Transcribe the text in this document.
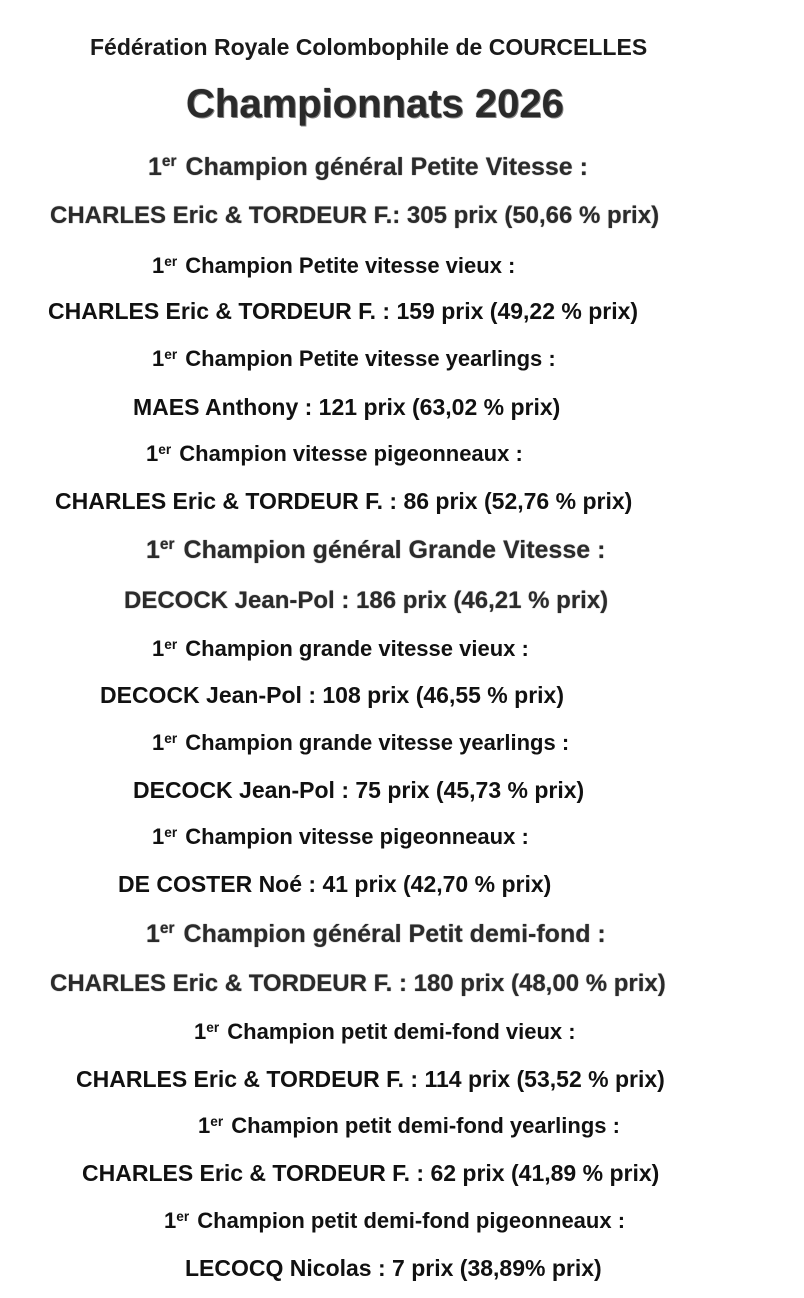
Fédération Royale Colombophile de COURCELLES
Championnats 2026
1er Champion général Petite Vitesse :
CHARLES Eric & TORDEUR F.: 305 prix (50,66 % prix)
1er Champion Petite vitesse vieux :
CHARLES Eric & TORDEUR F. : 159 prix (49,22 % prix)
1er Champion Petite vitesse yearlings :
MAES Anthony : 121 prix (63,02 % prix)
1er Champion vitesse pigeonneaux :
CHARLES Eric & TORDEUR F. : 86 prix (52,76 % prix)
1er Champion général Grande Vitesse :
DECOCK Jean-Pol : 186 prix (46,21 % prix)
1er Champion grande vitesse vieux :
DECOCK Jean-Pol : 108 prix (46,55 % prix)
1er Champion grande vitesse yearlings :
DECOCK Jean-Pol : 75 prix (45,73 % prix)
1er Champion vitesse pigeonneaux :
DE COSTER Noé : 41 prix (42,70 % prix)
1er Champion général Petit demi-fond :
CHARLES Eric & TORDEUR F. : 180 prix (48,00 % prix)
1er Champion petit demi-fond vieux :
CHARLES Eric & TORDEUR F. : 114 prix (53,52 % prix)
1er Champion petit demi-fond yearlings :
CHARLES Eric & TORDEUR F. : 62 prix (41,89 % prix)
1er Champion petit demi-fond pigeonneaux :
LECOCQ Nicolas : 7 prix (38,89% prix)
